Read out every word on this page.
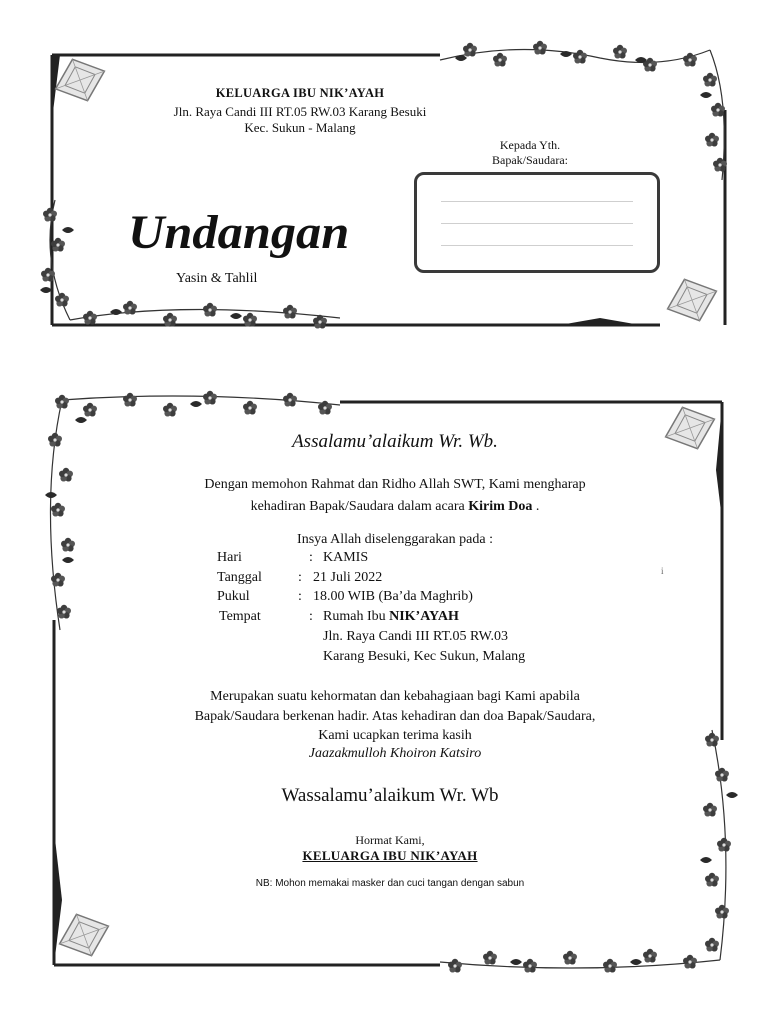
KELUARGA IBU NIK’AYAH
Jln. Raya Candi III RT.05 RW.03 Karang Besuki
Kec. Sukun - Malang
Kepada Yth.
Bapak/Saudara:
Undangan
Yasin & Tahlil
Assalamu’alaikum Wr. Wb.
Dengan memohon Rahmat dan Ridho Allah SWT, Kami mengharap
kehadiran Bapak/Saudara dalam acara Kirim Doa .
Insya Allah diselenggarakan pada :
Hari	: KAMIS
Tanggal	: 21 Juli 2022
Pukul	: 18.00 WIB (Ba’da Maghrib)
Tempat	: Rumah Ibu NIK’AYAH
Jln. Raya Candi III RT.05 RW.03
Karang Besuki, Kec Sukun, Malang
Merupakan suatu kehormatan dan kebahagiaan bagi Kami apabila
Bapak/Saudara berkenan hadir. Atas kehadiran dan doa Bapak/Saudara,
Kami ucapkan terima kasih
Jaazakmulloh Khoiron Katsiro
Wassalamu’alaikum Wr. Wb
Hormat Kami,
KELUARGA IBU NIK’AYAH
NB: Mohon memakai masker dan cuci tangan dengan sabun
i
